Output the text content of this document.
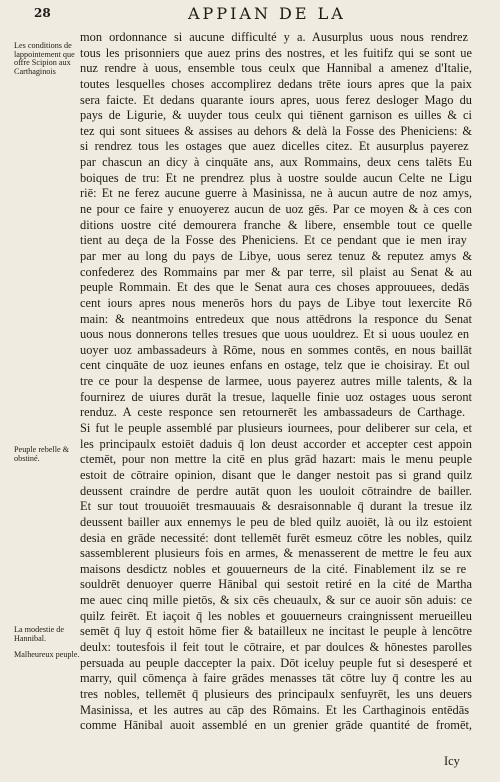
28	APPIAN DE LA
Les conditions de lappointement que offre Scipion aux Carthaginois
Peuple rebelle & obstiné.
La modestie de Hannibal.
Malheureux peuple.
mon ordonnance si aucune difficulté y a. Ausurplus uous nous rendrez
tous les prisonniers que auez prins des nostres, et les fuitifz qui se sont ue
nuz rendre à uous, ensemble tous ceulx que Hannibal a amenez d'Italie,
toutes lesquelles choses accomplirez dedans trēte iours apres que la paix
sera faicte. Et dedans quarante iours apres, uous ferez desloger Mago du
pays de Ligurie, & uuyder tous ceulx qui tiēnent garnison es uilles & ci
tez qui sont situees & assises au dehors & delà la Fosse des Pheniciens: &
si rendrez tous les ostages que auez dicelles citez. Et ausurplus payerez
par chascun an dicy à cinquāte ans, aux Rommains, deux cens talēts Eu
boiques de tru: Et ne prendrez plus à uostre soulde aucun Celte ne Ligu
riē: Et ne ferez aucune guerre à Masinissa, ne à aucun autre de noz amys,
ne pour ce faire y enuoyerez aucun de uoz gēs. Par ce moyen & à ces con
ditions uostre cité demourera franche & libere, ensemble tout ce quelle
tient au deça de la Fosse des Pheniciens. Et ce pendant que ie men iray
par mer au long du pays de Libye, uous serez tenuz & reputez amys &
confederez des Rommains par mer & par terre, sil plaist au Senat & au
peuple Rommain. Et des que le Senat aura ces choses approuuees, dedās
cent iours apres nous menerōs hors du pays de Libye tout lexercite Rō
main: & neantmoins entredeux que nous attēdrons la responce du Senat
uous nous donnerons telles tresues que uous uouldrez. Et si uous uoulez en
uoyer uoz ambassadeurs à Rōme, nous en sommes contēs, en nous baillāt
cent cinquāte de uoz ieunes enfans en ostage, telz que ie choisiray. Et oul
tre ce pour la despense de larmee, uous payerez autres mille talents, & la
fournirez de uiures durāt la tresue, laquelle finie uoz ostages uous seront
renduz. A ceste responce sen retournerēt les ambassadeurs de Carthage.
Si fut le peuple assemblé par plusieurs iournees, pour deliberer sur cela, et
les principaulx estoiēt daduis q̄ lon deust accorder et accepter cest appoin
ctemēt, pour non mettre la citē en plus grād hazart: mais le menu peuple
estoit de cōtraire opinion, disant que le danger nestoit pas si grand quilz
deussent craindre de perdre autāt quon les uouloit cōtraindre de bailler.
Et sur tout trouuoiēt tresmauuais & desraisonnable q̄ durant la tresue ilz
deussent bailler aux ennemys le peu de bled quilz auoiēt, là ou ilz estoient
desia en grāde necessité: dont tellemēt furēt esmeuz cōtre les nobles, quilz
sassemblerent plusieurs fois en armes, & menasserent de mettre le feu aux
maisons desdictz nobles et gouuerneurs de la cité. Finablement ilz se re
souldrēt denuoyer querre Hānibal qui sestoit retiré en la cité de Martha
me auec cinq mille pietōs, & six cēs cheuaulx, & sur ce auoir sōn aduis: ce
quilz feirēt. Et iaçoit q̄ les nobles et gouuerneurs craingnissent merueilleu
semēt q̄ luy q̄ estoit hōme fier & batailleux ne incitast le peuple à lencōtre
deulx: toutesfois il feit tout le cōtraire, et par doulces & hōnestes parolles
persuada au peuple daccepter la paix. Dōt iceluy peuple fut si desesperé et
marry, quil cōmença à faire grādes menasses tāt cōtre luy q̄ contre les au
tres nobles, tellemēt q̄ plusieurs des principaulx senfuyrēt, les uns deuers
Masinissa, et les autres au cāp des Rōmains. Et les Carthaginois entēdās
comme Hānibal auoit assemblé en un grenier grāde quantité de fromēt,
Icy
